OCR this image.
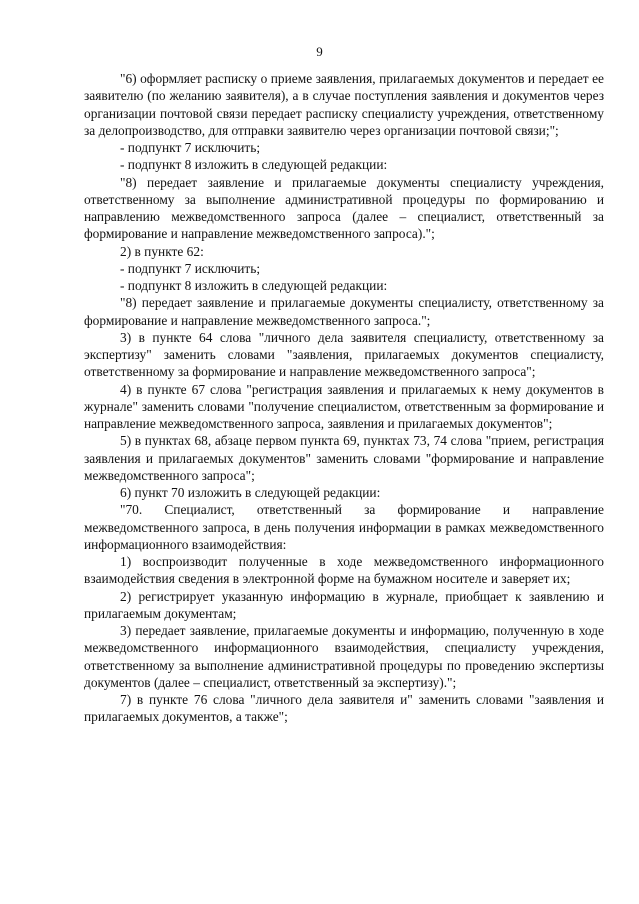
9

"6) оформляет расписку о приеме заявления, прилагаемых документов и передает ее заявителю (по желанию заявителя), а в случае поступления заявления и документов через организации почтовой связи передает расписку специалисту учреждения, ответственному за делопроизводство, для отправки заявителю через организации почтовой связи;";

- подпункт 7 исключить;

- подпункт 8 изложить в следующей редакции:

"8) передает заявление и прилагаемые документы специалисту учреждения, ответственному за выполнение административной процедуры по формированию и направлению межведомственного запроса (далее – специалист, ответственный за формирование и направление межведомственного запроса).";

2) в пункте 62:

- подпункт 7 исключить;

- подпункт 8 изложить в следующей редакции:

"8) передает заявление и прилагаемые документы специалисту, ответственному за формирование и направление межведомственного запроса.";

3) в пункте 64 слова "личного дела заявителя специалисту, ответственному за экспертизу" заменить словами "заявления, прилагаемых документов специалисту, ответственному за формирование и направление межведомственного запроса";

4) в пункте 67 слова "регистрация заявления и прилагаемых к нему документов в журнале" заменить словами "получение специалистом, ответственным за формирование и направление межведомственного запроса, заявления и прилагаемых документов";

5) в пунктах 68, абзаце первом пункта 69, пунктах 73, 74 слова "прием, регистрация заявления и прилагаемых документов" заменить словами "формирование и направление межведомственного запроса";

6) пункт 70 изложить в следующей редакции:

"70. Специалист, ответственный за формирование и направление межведомственного запроса, в день получения информации в рамках межведомственного информационного взаимодействия:

1) воспроизводит полученные в ходе межведомственного информационного взаимодействия сведения в электронной форме на бумажном носителе и заверяет их;

2) регистрирует указанную информацию в журнале, приобщает к заявлению и прилагаемым документам;

3) передает заявление, прилагаемые документы и информацию, полученную в ходе межведомственного информационного взаимодействия, специалисту учреждения, ответственному за выполнение административной процедуры по проведению экспертизы документов (далее – специалист, ответственный за экспертизу).";

7) в пункте 76 слова "личного дела заявителя и" заменить словами "заявления и прилагаемых документов, а также";
